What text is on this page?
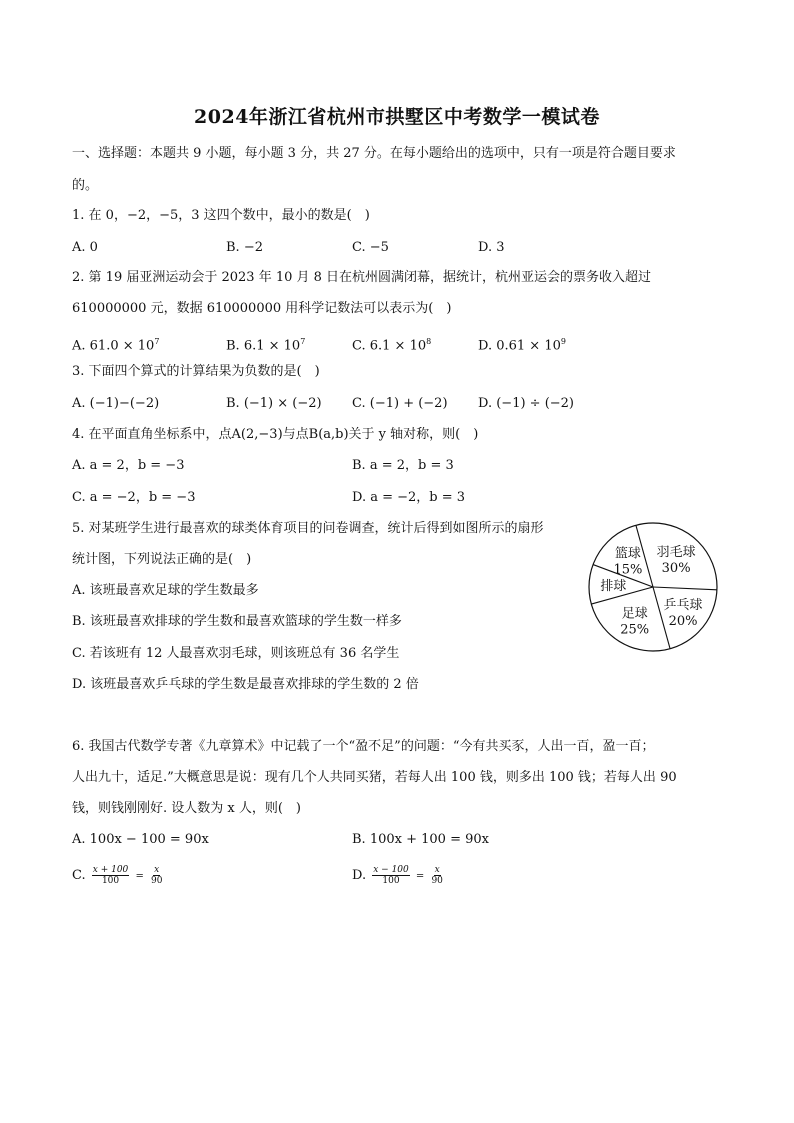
2024年浙江省杭州市拱墅区中考数学一模试卷
一、选择题：本题共 9 小题，每小题 3 分，共 27 分。在每小题给出的选项中，只有一项是符合题目要求
的。
1. 在 0，−2，−5，3 这四个数中，最小的数是(　)
A. 0	B. −2	C. −5	D. 3
2. 第 19 届亚洲运动会于 2023 年 10 月 8 日在杭州圆满闭幕，据统计，杭州亚运会的票务收入超过
610000000 元，数据 610000000 用科学记数法可以表示为(　)
A. $61.0 \times 10^7$	B. $6.1 \times 10^7$	C. $6.1 \times 10^8$	D. $0.61 \times 10^9$
3. 下面四个算式的计算结果为负数的是(　)
A. (−1)−(−2)	B. (−1) × (−2) C. (−1) + (−2) D. (−1) ÷ (−2)
4. 在平面直角坐标系中，点A(2,−3)与点B(a,b)关于 y 轴对称，则(　)
A. a = 2，b = −3	B. a = 2，b = 3
C. a = −2，b = −3	D. a = −2，b = 3
5. 对某班学生进行最喜欢的球类体育项目的问卷调查，统计后得到如图所示的扇形
统计图，下列说法正确的是(　)
A. 该班最喜欢足球的学生数最多
B. 该班最喜欢排球的学生数和最喜欢篮球的学生数一样多
C. 若该班有 12 人最喜欢羽毛球，则该班总有 36 名学生
D. 该班最喜欢乒乓球的学生数是最喜欢排球的学生数的 2 倍
30%
羽毛球
20%
乒乓球
25%
足球
排球
15%
篮球
6. 我国古代数学专著《九章算术》中记载了一个“盈不足”的问题：“今有共买豕，人出一百，盈一百；
人出九十，适足.”大概意思是说：现有几个人共同买猪，若每人出 100 钱，则多出 100 钱；若每人出 90
钱，则钱刚刚好. 设人数为 x 人，则(　)
A. 100x − 100 = 90x	B. 100x + 100 = 90x
C. $\frac{x + 100}{100} = \frac{x}{90}$	D. $\frac{x - 100}{100} = \frac{x}{90}$
